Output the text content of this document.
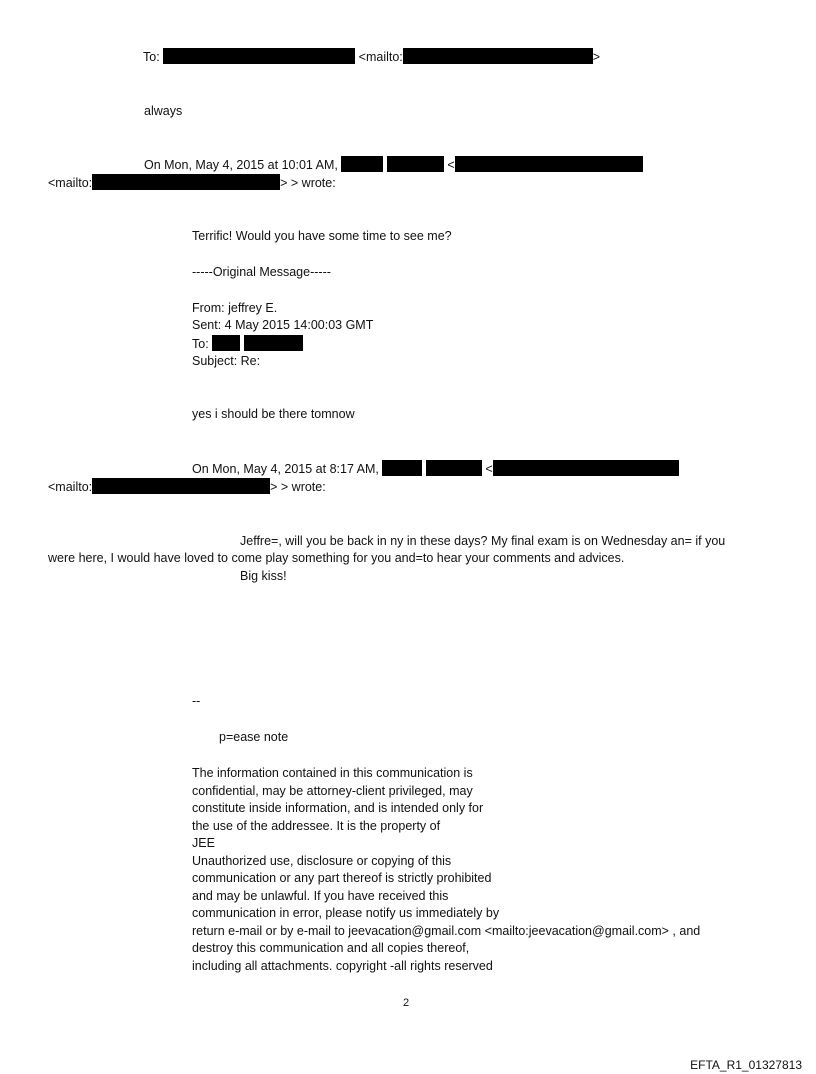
To:	<mailto:	>
always
On Mon, May 4, 2015 at 10:01 AM,	<
<mailto:	> > wrote:
Terrific! Would you have some time to see me?
-----Original Message-----
From: jeffrey E.
Sent: 4 May 2015 14:00:03 GMT
To:
Subject: Re:
yes i should be there tomnow
On Mon, May 4, 2015 at 8:17 AM,	<
<mailto:	> > wrote:
Jeffre=, will you be back in ny in these days? My final exam is on Wednesday an= if you
were here, I would have loved to come play something for you and=to hear your comments and advices.
Big kiss!
--
p=ease note
The information contained in this communication is
confidential, may be attorney-client privileged, may
constitute inside information, and is intended only for
the use of the addressee. It is the property of
JEE
Unauthorized use, disclosure or copying of this
communication or any part thereof is strictly prohibited
and may be unlawful. If you have received this
communication in error, please notify us immediately by
return e-mail or by e-mail to jeevacation@gmail.com <mailto:jeevacation@gmail.com> , and
destroy this communication and all copies thereof,
including all attachments. copyright -all rights reserved
2
EFTA_R1_01327813
